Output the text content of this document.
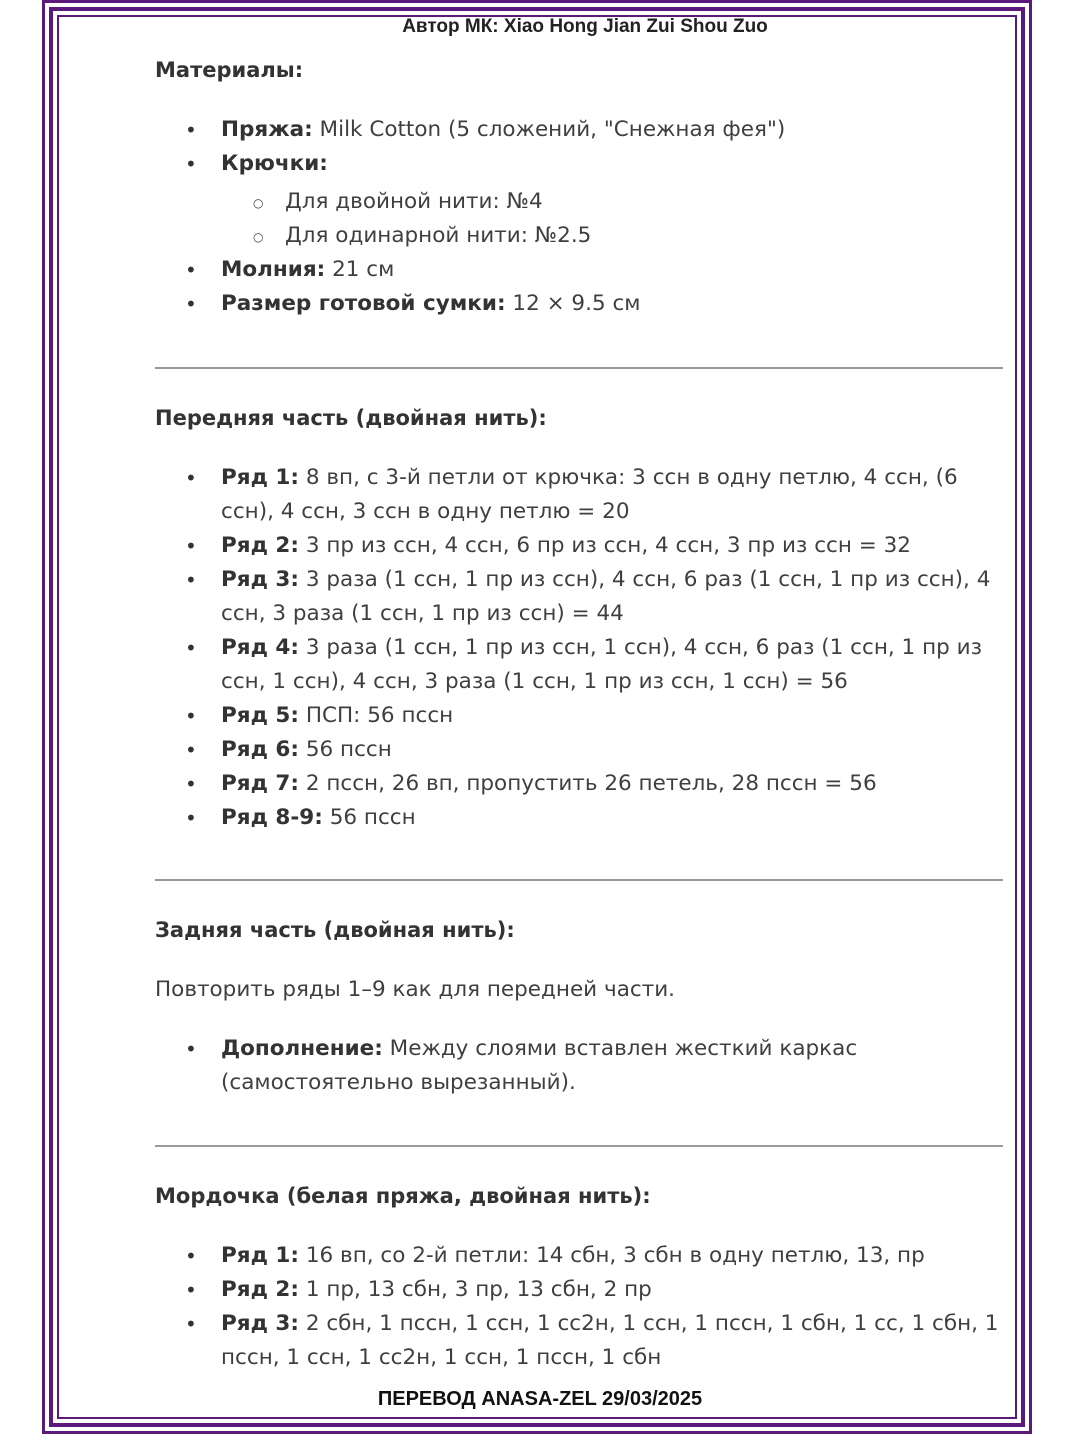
Автор МК: Xiao Hong Jian Zui Shou Zuo
Материалы:
• Пряжа: Milk Cotton (5 сложений, "Снежная фея")
• Крючки:
○ Для двойной нити: №4
○ Для одинарной нити: №2.5
• Молния: 21 см
• Размер готовой сумки: 12 × 9.5 см
Передняя часть (двойная нить):
• Ряд 1: 8 вп, с 3-й петли от крючка: 3 ссн в одну петлю, 4 ссн, (6 ссн), 4 ссн, 3 ссн в одну петлю = 20
• Ряд 2: 3 пр из ссн, 4 ссн, 6 пр из ссн, 4 ссн, 3 пр из ссн = 32
• Ряд 3: 3 раза (1 ссн, 1 пр из ссн), 4 ссн, 6 раз (1 ссн, 1 пр из ссн), 4 ссн, 3 раза (1 ссн, 1 пр из ссн) = 44
• Ряд 4: 3 раза (1 ссн, 1 пр из ссн, 1 ссн), 4 ссн, 6 раз (1 ссн, 1 пр из ссн, 1 ссн), 4 ссн, 3 раза (1 ссн, 1 пр из ссн, 1 ссн) = 56
• Ряд 5: ПСП: 56 пссн
• Ряд 6: 56 пссн
• Ряд 7: 2 пссн, 26 вп, пропустить 26 петель, 28 пссн = 56
• Ряд 8-9: 56 пссн
Задняя часть (двойная нить):

Повторить ряды 1–9 как для передней части.

• Дополнение: Между слоями вставлен жесткий каркас (самостоятельно вырезанный).
Мордочка (белая пряжа, двойная нить):
• Ряд 1: 16 вп, со 2-й петли: 14 сбн, 3 сбн в одну петлю, 13, пр
• Ряд 2: 1 пр, 13 сбн, 3 пр, 13 сбн, 2 пр
• Ряд 3: 2 сбн, 1 пссн, 1 ссн, 1 сс2н, 1 ссн, 1 пссн, 1 сбн, 1 сс, 1 сбн, 1 пссн, 1 ссн, 1 сс2н, 1 ссн, 1 пссн, 1 сбн
ПЕРЕВОД ANASA-ZEL 29/03/2025
